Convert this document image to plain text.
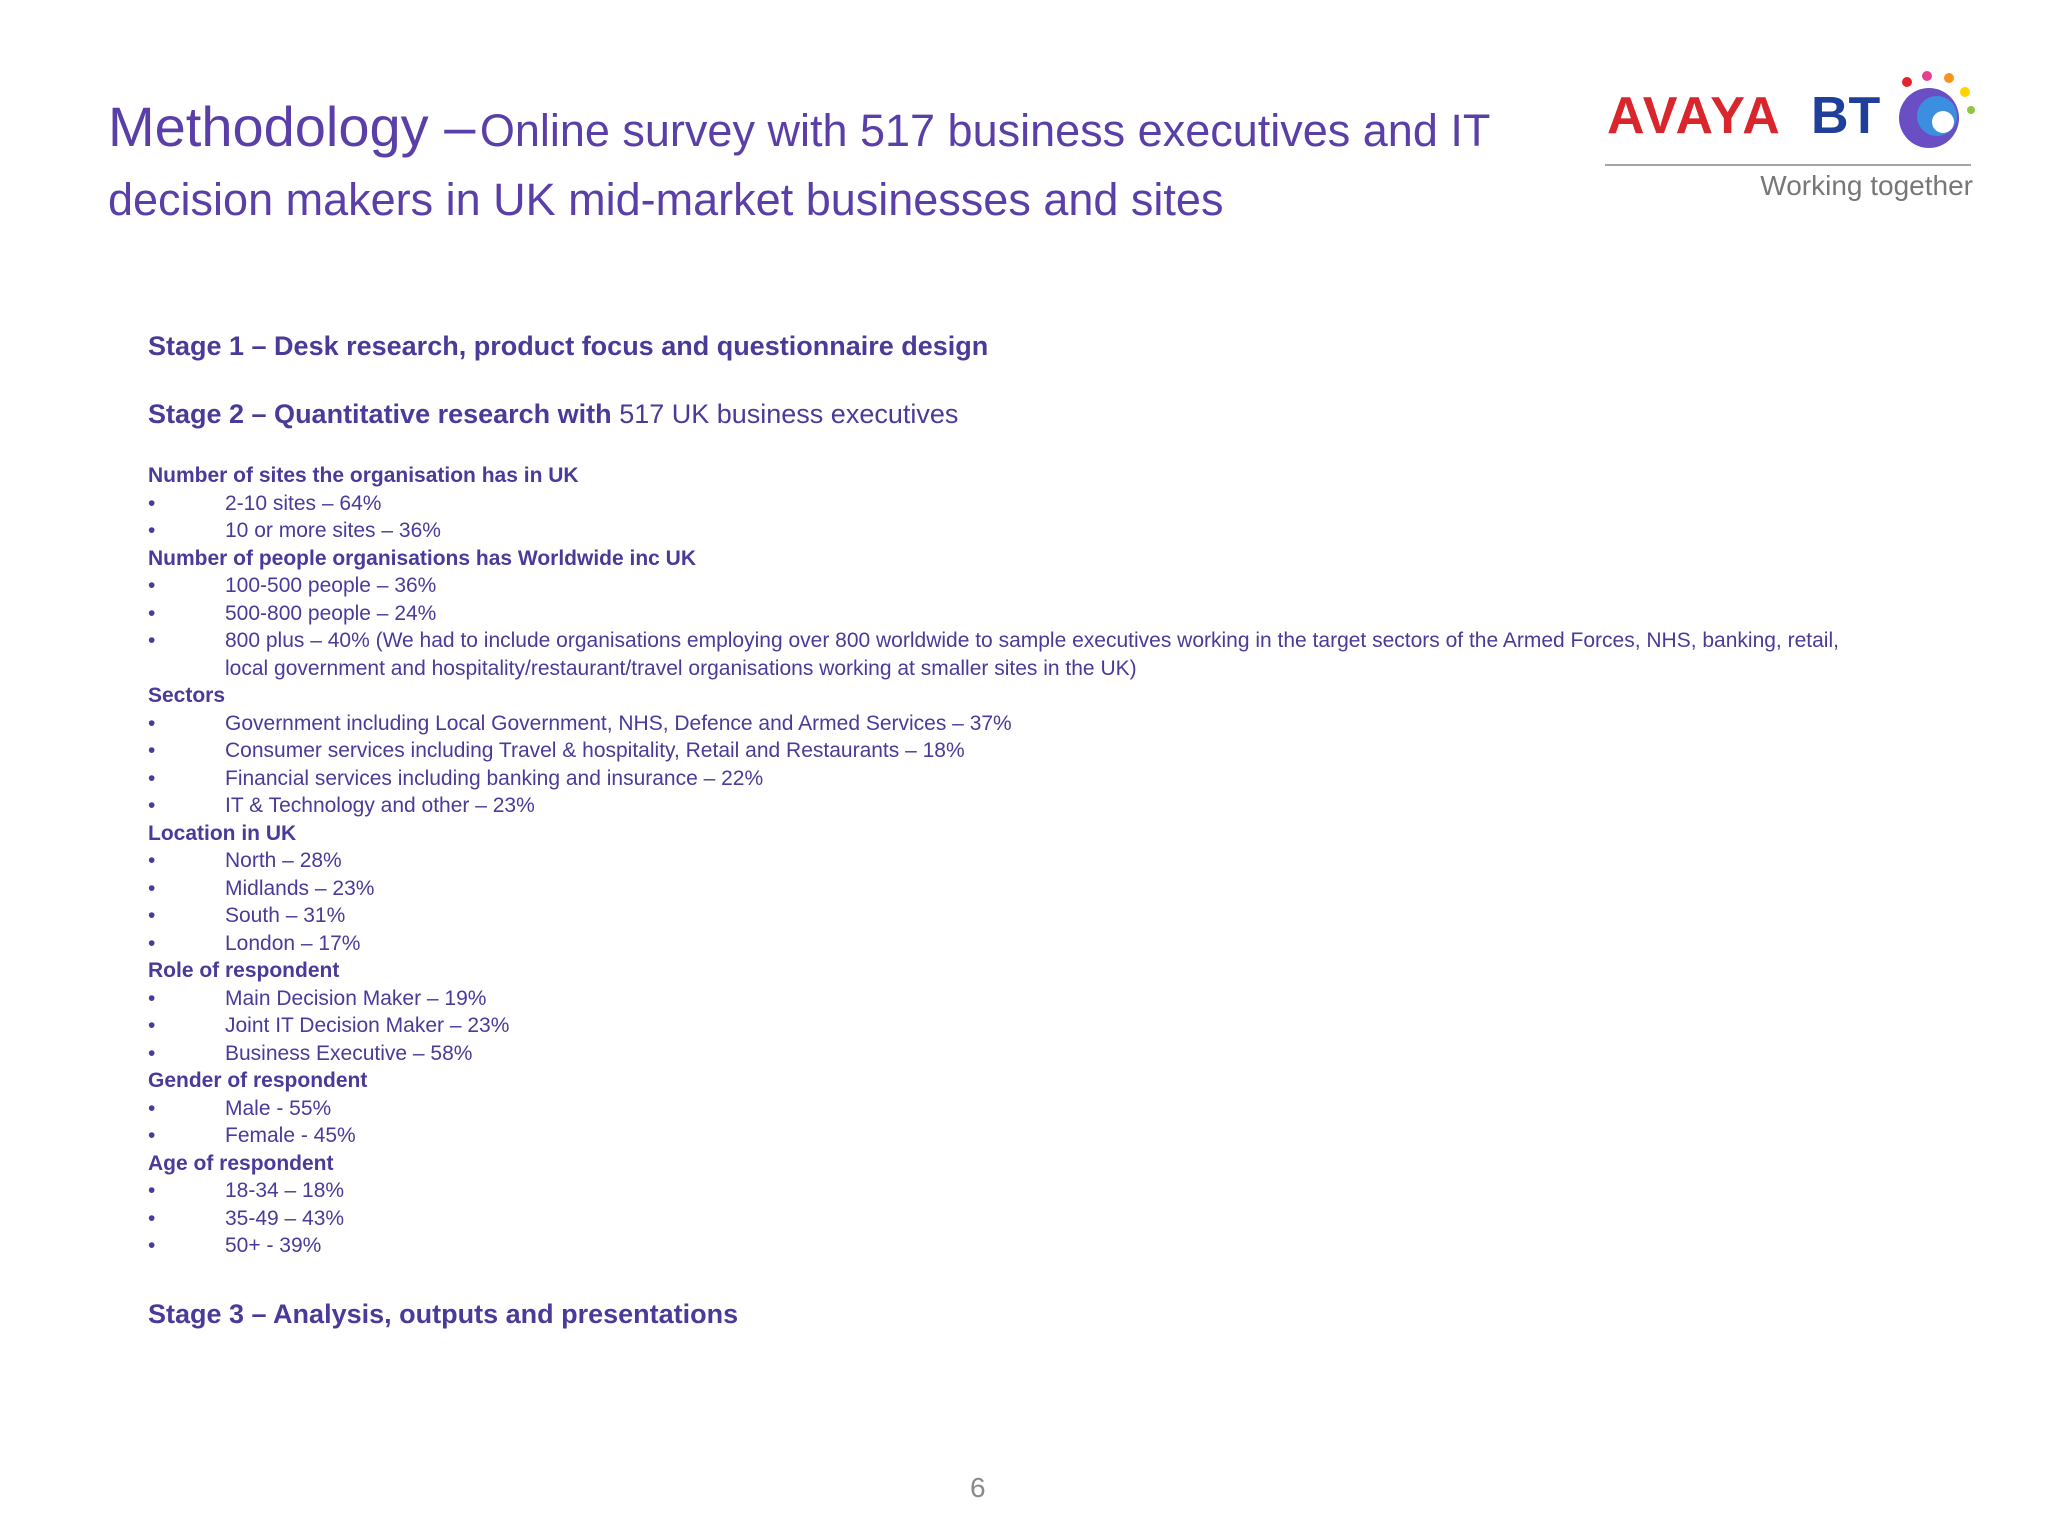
Methodology – Online survey with 517 business executives and IT
decision makers in UK mid-market businesses and sites
AVAYA BT
Working together
Stage 1 – Desk research, product focus and questionnaire design
Stage 2 – Quantitative research with 517 UK business executives
Number of sites the organisation has in UK
•	2-10 sites – 64%
•	10 or more sites – 36%
Number of people organisations has Worldwide inc UK
•	100-500 people – 36%
•	500-800 people – 24%
•	800 plus – 40% (We had to include organisations employing over 800 worldwide to sample executives working in the target sectors of the Armed Forces, NHS, banking, retail, local government and hospitality/restaurant/travel organisations working at smaller sites in the UK)
Sectors
•	Government including Local Government, NHS, Defence and Armed Services – 37%
•	Consumer services including Travel & hospitality, Retail and Restaurants – 18%
•	Financial services including banking and insurance – 22%
•	IT & Technology and other – 23%
Location in UK
•	North – 28%
•	Midlands – 23%
•	South – 31%
•	London – 17%
Role of respondent
•	Main Decision Maker – 19%
•	Joint IT Decision Maker – 23%
•	Business Executive – 58%
Gender of respondent
•	Male - 55%
•	Female - 45%
Age of respondent
•	18-34 – 18%
•	35-49 – 43%
•	50+ - 39%
Stage 3 – Analysis, outputs and presentations
6
